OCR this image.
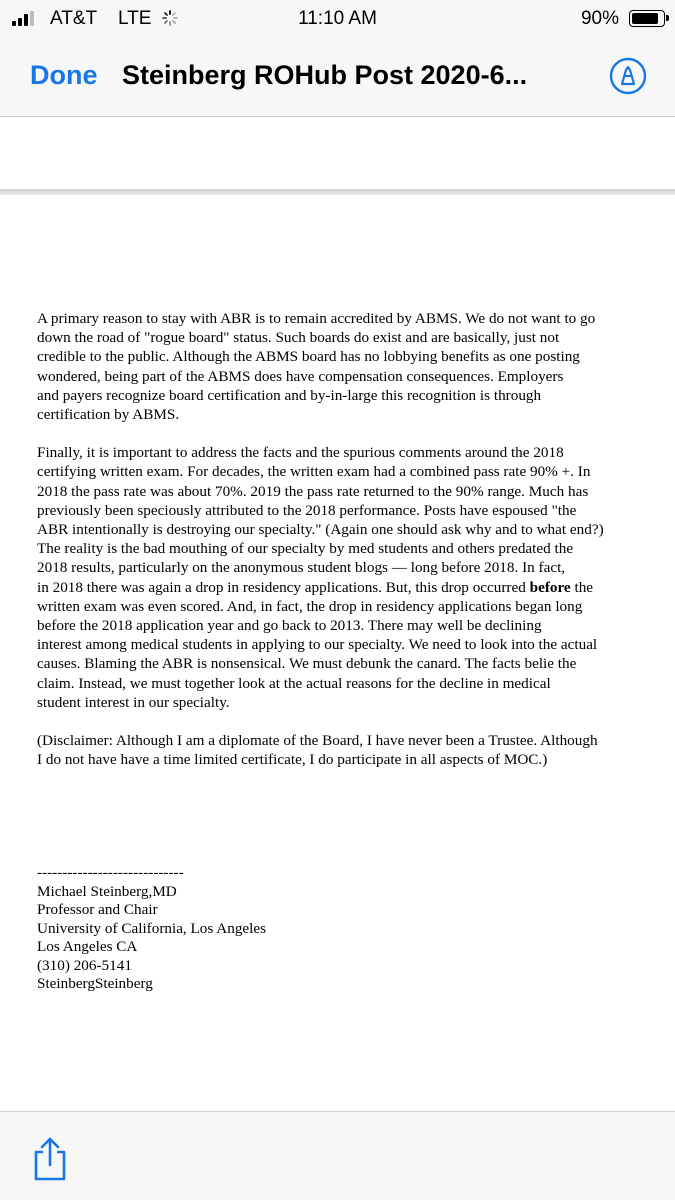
AT&T LTE	11:10 AM	90%
Done Steinberg ROHub Post 2020-6...

A primary reason to stay with ABR is to remain accredited by ABMS. We do not want to go
down the road of "rogue board" status. Such boards do exist and are basically, just not
credible to the public. Although the ABMS board has no lobbying benefits as one posting
wondered, being part of the ABMS does have compensation consequences. Employers
and payers recognize board certification and by-in-large this recognition is through
certification by ABMS.

Finally, it is important to address the facts and the spurious comments around the 2018
certifying written exam. For decades, the written exam had a combined pass rate 90% +. In
2018 the pass rate was about 70%. 2019 the pass rate returned to the 90% range. Much has
previously been speciously attributed to the 2018 performance. Posts have espoused "the
ABR intentionally is destroying our specialty." (Again one should ask why and to what end?)
The reality is the bad mouthing of our specialty by med students and others predated the
2018 results, particularly on the anonymous student blogs — long before 2018. In fact,
in 2018 there was again a drop in residency applications. But, this drop occurred before the
written exam was even scored. And, in fact, the drop in residency applications began long
before the 2018 application year and go back to 2013. There may well be declining
interest among medical students in applying to our specialty. We need to look into the actual
causes. Blaming the ABR is nonsensical. We must debunk the canard. The facts belie the
claim. Instead, we must together look at the actual reasons for the decline in medical
student interest in our specialty.

(Disclaimer: Although I am a diplomate of the Board, I have never been a Trustee. Although
I do not have have a time limited certificate, I do participate in all aspects of MOC.)

-----------------------------
Michael Steinberg,MD
Professor and Chair
University of California, Los Angeles
Los Angeles CA
(310) 206-5141
SteinbergSteinberg
